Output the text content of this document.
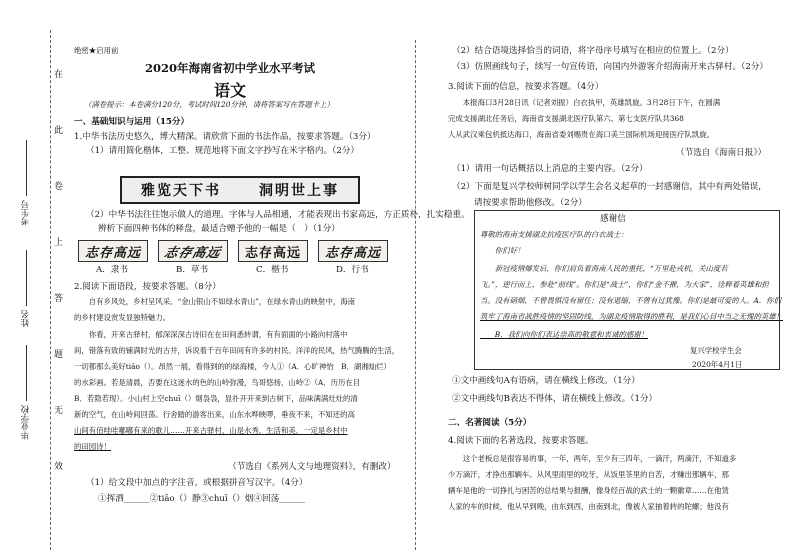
在
此
卷
上
答
题
无
效
考生号
姓名
毕业学校
绝密★启用前
2020年海南省初中学业水平考试
语文
（满卷提示：本卷满分120分，考试时间120分钟，请将答案写在答题卡上）
一、基础知识与运用（15分）
1.中华书法历史悠久，博大精深。请欣赏下面的书法作品，按要求答题。（3分）
（1）请用简化楷体，工整、规范地将下面文字抄写在米字格内。（2分）
雅览天下书	洞明世上事
（2）中华书法往往饱示做人的道理。字体与人品相通，才能表现出书家高远，方正质朴，扎实稳重。
辨析下面四种书体的释盘，最适合赠予他的一幅是（　）（1分）
志存高远 志存高远 志存高远 志存高远
A．隶书	B．草书	C．楷书	D．行书
2.阅读下面语段，按要求答题。（8分）
　　自有乡风处，乡村呈风采。“金山银山不如绿水青山”，在绿水青山的映射中，海南
的乡村建设赏发显独特魅力。
　　你看，开来古驿村，郁深深深古诗旧在在田间悉转谓，有有面面的小路向村落中
间，错落有致的铺满时光的古井，诉说着千百年田间有许多的村民。洋洋的民风，热气腾腾的生活，
一切都那么美好tiāo（）。昂然一展，看得到的的绿海楼，今人①（A．心旷神怡　B．湖湘灿烂）
的水彩画。若是清晨，否要在这迷水的色的山岭弥漫，鸟哥悠扬，山岭②（A．历历在目
B．若隐若现）。小山村上空chuī（）烟袅袅，显扑开开来到古树下，品味满满灶灶的清
新的空气，在山岭间回荡。行舍踏的游客出来，山东水哗映啰，垂夜不来，不知还的高
山间有佰哇哇嘟嘟有来的歌儿……开来古驿村，山是水秀，生活和美，一定是乡村中
的田园诗！
（节选自《系列人文与地理资料》，有删改）
（1）给文段中加点的字注音，或根据拼音写汉字。（4分）
①挥洒______②tiāo（）静③chuī（）烟④回荡______
（2）结合语境选择恰当的词语，将字母序号填写在相应的位置上。（2分）
（3）仿照画线句子，续写一句宣传语，向国内外游客介绍海南开来古驿村。（2分）
3.阅读下面的信息，按要求答题。（4分）
　　本报海口3月28日讯（记者刘振）白衣执甲，英雄凯旋。3月28日下午，在圆满
完成支援湖北任务后，海南省支援湖北医疗队第六、第七支医疗队共368
人从武汉乘包机抵达海口，海南省委刘赐贵在海口美兰国际机场迎接医疗队凯旋。
（节选自《海南日报》）
（1）请用一句话概括以上消息的主要内容。（2分）
（2）下面是复兴学校师树同学以学生会名义起草的一封感谢信，其中有两处错误，
请按要求帮助他修改。（2分）
感谢信
尊敬的海南支援湖北抗疫医疗队的白衣战士：
　　你们好！
　　新冠疫情爆发后，你们肩负着海南人民的重托，“万里赴戎机，关山度若
飞。”，逆行而上，参赴“前线”。你们是“战士”，你们“金不摧，为大家”，诠释着英雄和担
当。没有硝烟，不曾畏惧没有留任；没有退缩，不曾有过犹豫。你们是最可爱的人。A．你们
筑牢了海南省战胜疫情的坚固防线，为湖北疫情取得的胜利，是我们心目中当之无愧的英雄！
　　B．我们向你们表达崇高的敬意和衷诚的感谢！
复兴学校学生会
2020年4月1日
①文中画线句A有语病，请在横线上修改。（1分）
②文中画线句B表达不得体，请在横线上修改。（1分）
二、名著阅读（5分）
4.阅读下面的名著选段，按要求答题。
　　这个老板总是很容易的事，一年，两年，至少有三四年，一滴汗，两滴汗，不知道多
少万滴汗，才挣出那辆车。从风里雨里的咬牙，从饭里茶里的自苦，才赚出那辆车，那
辆车是他的一切挣扎与困苦的总结果与报酬，像身经百战的武士的一颗徽章……在他赁
人家的车的时候，他从早到晚，由东到西，由南到北，像被人家抽着转的陀螺；他没有
